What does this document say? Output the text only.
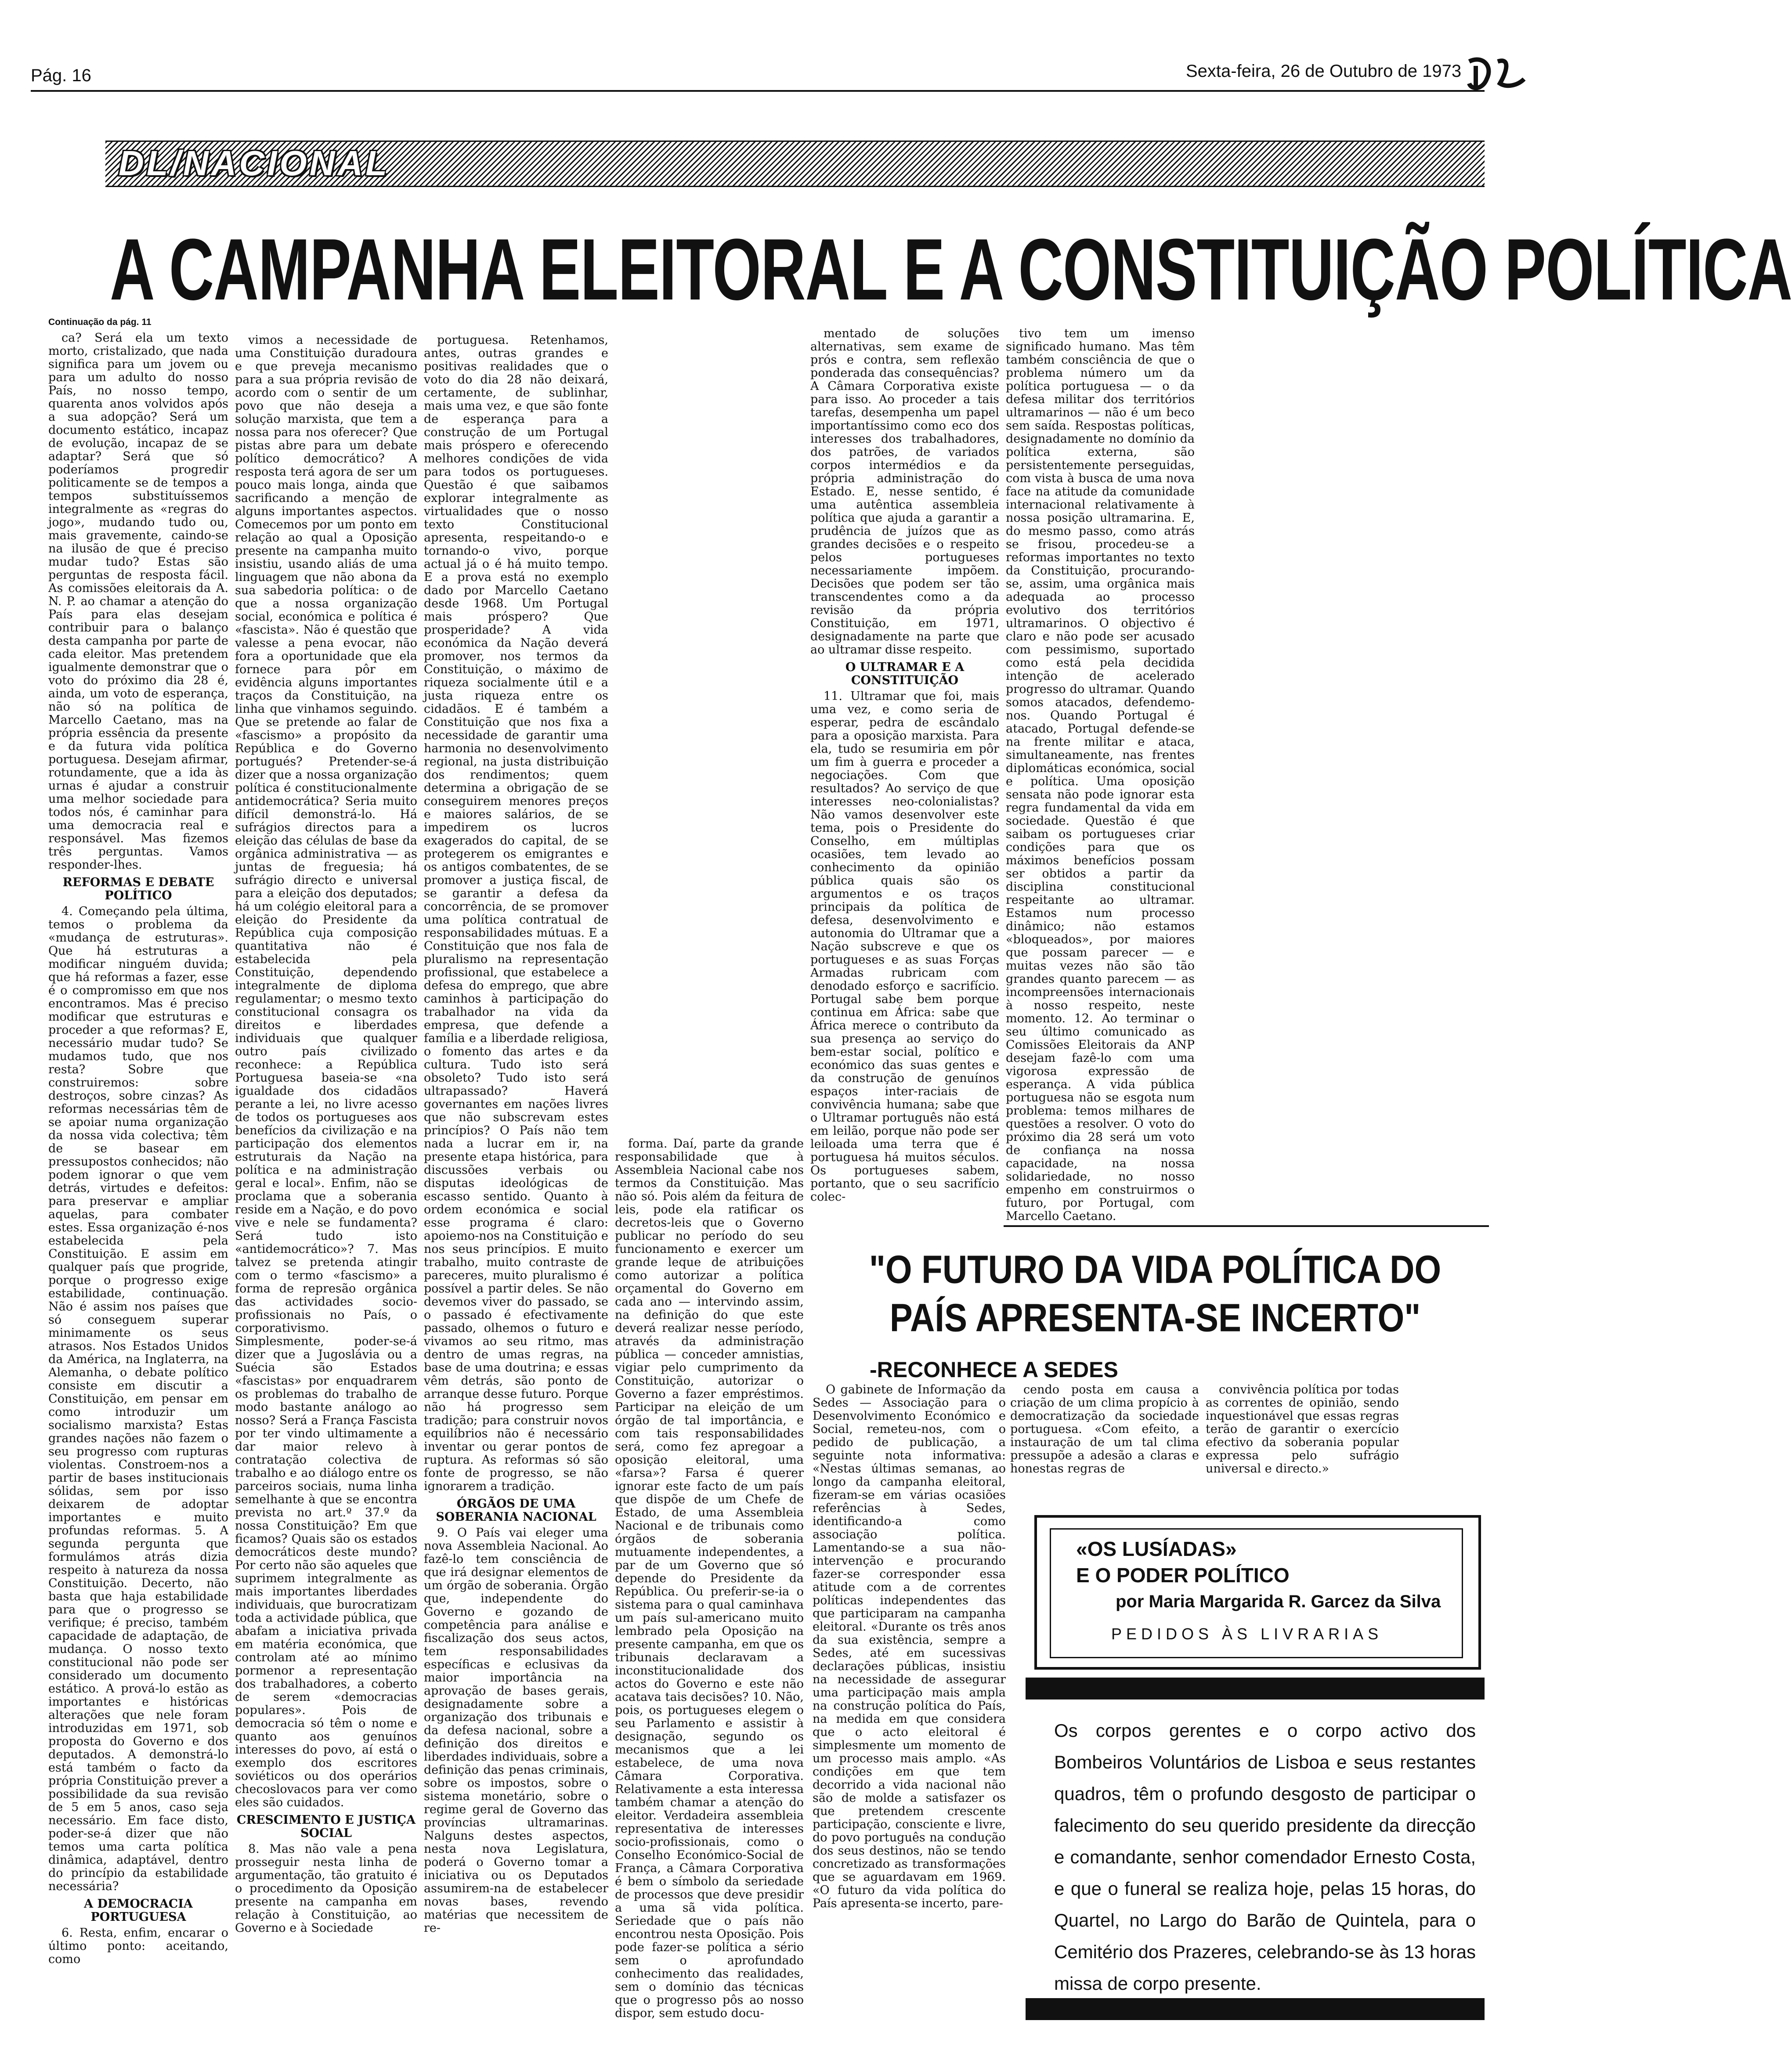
Pág. 16	Sexta-feira, 26 de Outubro de 1973
DL/NACIONAL
A CAMPANHA ELEITORAL E A CONSTITUIÇÃO POLÍTICA
Continuação da pág. 11

ca? Será ela um texto morto, cristalizado, que nada significa para um jovem ou para um adulto do nosso País, no nosso tempo, quarenta anos volvidos após a sua adopção? Será um documento estático, incapaz de evolução, incapaz de se adaptar? Será que só poderíamos progredir politicamente se de tempos a tempos substituíssemos integralmente as «regras do jogo», mudando tudo ou, mais gravemente, caindo-se na ilusão de que é preciso mudar tudo? Estas são perguntas de resposta fácil. As comissões eleitorais da A. N. P. ao chamar a atenção do País para elas desejam contribuir para o balanço desta campanha por parte de cada eleitor. Mas pretendem igualmente demonstrar que o voto do próximo dia 28 é, ainda, um voto de esperança, não só na política de Marcello Caetano, mas na própria essência da presente e da futura vida política portuguesa. Desejam afirmar, rotundamente, que a ida às urnas é ajudar a construir uma melhor sociedade para todos nós, é caminhar para uma democracia real e responsável. Mas fizemos três perguntas. Vamos responder-lhes.

REFORMAS E DEBATE POLÍTICO

4. Começando pela última, temos o problema da «mudança de estruturas». Que há estruturas a modificar ninguém duvida; que há reformas a fazer, esse é o compromisso em que nos encontramos. Mas é preciso modificar que estruturas e proceder a que reformas? E, necessário mudar tudo? Se mudamos tudo, que nos resta? Sobre que construiremos: sobre destroços, sobre cinzas? As reformas necessárias têm de se apoiar numa organização da nossa vida colectiva; têm de se basear em pressupostos conhecidos; não podem ignorar o que vem detrás, virtudes e defeitos: para preservar e ampliar aquelas, para combater estes. Essa organização é-nos estabelecida pela Constituição. E assim em qualquer país que progride, porque o progresso exige estabilidade, continuação. Não é assim nos países que só conseguem superar minimamente os seus atrasos. Nos Estados Unidos da América, na Inglaterra, na Alemanha, o debate político consiste em discutir a Constituição, em pensar em como introduzir um socialismo marxista? Estas grandes nações não fazem o seu progresso com rupturas violentas. Constroem-nos a partir de bases institucionais sólidas, sem por isso deixarem de adoptar importantes e muito profundas reformas. 5. A segunda pergunta que formulámos atrás dizia respeito à natureza da nossa Constituição. Decerto, não basta que haja estabilidade para que o progresso se verifique; é preciso, também capacidade de adaptação, de mudança. O nosso texto constitucional não pode ser considerado um documento estático. A prová-lo estão as importantes e históricas alterações que nele foram introduzidas em 1971, sob proposta do Governo e dos deputados. A demonstrá-lo está também o facto da própria Constituição prever a possibilidade da sua revisão de 5 em 5 anos, caso seja necessário. Em face disto, poder-se-á dizer que não temos uma carta política dinâmica, adaptável, dentro do princípio da estabilidade necessária?

A DEMOCRACIA PORTUGUESA

6. Resta, enfim, encarar o último ponto: aceitando, como

vimos a necessidade de uma Constituição duradoura e que preveja mecanismo para a sua própria revisão de acordo com o sentir de um povo que não deseja a solução marxista, que tem a nossa para nos oferecer? Que pistas abre para um debate político democrático? A resposta terá agora de ser um pouco mais longa, ainda que sacrificando a menção de alguns importantes aspectos. Comecemos por um ponto em relação ao qual a Oposição presente na campanha muito insistiu, usando aliás de uma linguagem que não abona da sua sabedoria política: o de que a nossa organização social, económica e política é «fascista». Não é questão que valesse a pena evocar, não fora a oportunidade que ela fornece para pôr em evidência alguns importantes traços da Constituição, na linha que vinhamos seguindo. Que se pretende ao falar de «fascismo» a propósito da República e do Governo portugués? Pretender-se-á dizer que a nossa organização política é constitucionalmente antidemocrática? Seria muito difícil demonstrá-lo. Há sufrágios directos para a eleição das células de base da orgânica administrativa — as juntas de freguesia; há sufrágio directo e universal para a eleição dos deputados; há um colégio eleitoral para a eleição do Presidente da República cuja composição quantitativa não é estabelecida pela Constituição, dependendo integralmente de diploma regulamentar; o mesmo texto constitucional consagra os direitos e liberdades individuais que qualquer outro país civilizado reconhece: a República Portuguesa baseia-se «na igualdade dos cidadãos perante a lei, no livre acesso de todos os portugueses aos benefícios da civilização e na participação dos elementos estruturais da Nação na política e na administração geral e local». Enfim, não se proclama que a soberania reside em a Nação, e do povo vive e nele se fundamenta? Será tudo isto «antidemocrático»? 7. Mas talvez se pretenda atingir com o termo «fascismo» a forma de represão orgânica das actividades socio-profissionais no País, o corporativismo. Simplesmente, poder-se-á dizer que a Jugoslávia ou a Suécia são Estados «fascistas» por enquadrarem os problemas do trabalho de modo bastante análogo ao nosso? Será a França Fascista por ter vindo ultimamente a dar maior relevo à contratação colectiva de trabalho e ao diálogo entre os parceiros sociais, numa linha semelhante à que se encontra prevista no art.º 37.º da nossa Constituição? Em que ficamos? Quais são os estados democráticos deste mundo? Por certo não são aqueles que suprimem integralmente as mais importantes liberdades individuais, que burocratizam toda a actividade pública, que abafam a iniciativa privada em matéria económica, que controlam até ao mínimo pormenor a representação dos trabalhadores, a coberto de serem «democracias populares». Pois de democracia só têm o nome e quanto aos genuínos interesses do povo, aí está o exemplo dos escritores soviéticos ou dos operários checoslovacos para ver como eles são cuidados.

CRESCIMENTO E JUSTIÇA SOCIAL

8. Mas não vale a pena prosseguir nesta linha de argumentação, tão gratuito é o procedimento da Oposição presente na campanha em relação à Constituição, ao Governo e à Sociedade

portuguesa. Retenhamos, antes, outras grandes e positivas realidades que o voto do dia 28 não deixará, certamente, de sublinhar, mais uma vez, e que são fonte de esperança para a construção de um Portugal mais próspero e oferecendo melhores condições de vida para todos os portugueses. Questão é que saibamos explorar integralmente as virtualidades que o nosso texto Constitucional apresenta, respeitando-o e tornando-o vivo, porque actual já o é há muito tempo. E a prova está no exemplo dado por Marcello Caetano desde 1968. Um Portugal mais próspero? Que prosperidade? A vida económica da Nação deverá promover, nos termos da Constituição, o máximo de riqueza socialmente útil e a justa riqueza entre os cidadãos. E é também a Constituição que nos fixa a necessidade de garantir uma harmonia no desenvolvimento regional, na justa distribuição dos rendimentos; quem determina a obrigação de se conseguirem menores preços e maiores salários, de se impedirem os lucros exagerados do capital, de se protegerem os emigrantes e os antigos combatentes, de se promover a justiça fiscal, de se garantir a defesa da concorrência, de se promover uma política contratual de responsabilidades mútuas. E a Constituição que nos fala de pluralismo na representação profissional, que estabelece a defesa do emprego, que abre caminhos à participação do trabalhador na vida da empresa, que defende a família e a liberdade religiosa, o fomento das artes e da cultura. Tudo isto será obsoleto? Tudo isto será ultrapassado? Haverá governantes em nações livres que não subscrevam estes princípios? O País não tem nada a lucrar em ir, na presente etapa histórica, para discussões verbais ou disputas ideológicas de escasso sentido. Quanto à ordem económica e social esse programa é claro: apoiemo-nos na Constituição e nos seus princípios. E muito trabalho, muito contraste de pareceres, muito pluralismo é possível a partir deles. Se não devemos viver do passado, se o passado é efectivamente passado, olhemos o futuro e vivamos ao seu ritmo, mas dentro de umas regras, na base de uma doutrina; e essas vêm detrás, são ponto de arranque desse futuro. Porque não há progresso sem tradição; para construir novos equilíbrios não é necessário inventar ou gerar pontos de ruptura. As reformas só são fonte de progresso, se não ignorarem a tradição.

ÓRGÃOS DE UMA SOBERANIA NACIONAL

9. O País vai eleger uma nova Assembleia Nacional. Ao fazê-lo tem consciência de que irá designar elementos de um órgão de soberania. Órgão que, independente do Governo e gozando de competência para análise e fiscalização dos seus actos, tem responsabilidades específicas e eclusivas da maior importância na aprovação de bases gerais, designadamente sobre a organização dos tribunais e da defesa nacional, sobre a definição dos direitos e liberdades individuais, sobre a definição das penas criminais, sobre os impostos, sobre o sistema monetário, sobre o regime geral de Governo das províncias ultramarinas. Nalguns destes aspectos, nesta nova Legislatura, poderá o Governo tomar a iniciativa ou os Deputados assumirem-na de estabelecer novas bases, revendo matérias que necessitem de re-

forma. Daí, parte da grande responsabilidade que à Assembleia Nacional cabe nos termos da Constituição. Mas não só. Pois além da feitura de leis, pode ela ratificar os decretos-leis que o Governo publicar no período do seu funcionamento e exercer um grande leque de atribuições como autorizar a política orçamental do Governo em cada ano — intervindo assim, na definição do que este deverá realizar nesse período, através da administração pública — conceder amnistias, vigiar pelo cumprimento da Constituição, autorizar o Governo a fazer empréstimos. Participar na eleição de um órgão de tal importância, e com tais responsabilidades será, como fez apregoar a oposição eleitoral, uma «farsa»? Farsa é querer ignorar este facto de um país que dispõe de um Chefe de Estado, de uma Assembleia Nacional e de tribunais como órgãos de soberania mutuamente independentes, a par de um Governo que só depende do Presidente da República. Ou preferir-se-ia o sistema para o qual caminhava um país sul-americano muito lembrado pela Oposição na presente campanha, em que os tribunais declaravam a inconstitucionalidade dos actos do Governo e este não acatava tais decisões? 10. Não, pois, os portugueses elegem o seu Parlamento e assistir à designação, segundo os mecanismos que a lei estabelece, de uma nova Câmara Corporativa. Relativamente a esta interessa também chamar a atenção do eleitor. Verdadeira assembleia representativa de interesses socio-profissionais, como o Conselho Económico-Social de França, a Câmara Corporativa é bem o símbolo da seriedade de processos que deve presidir a uma sã vida política. Seriedade que o país não encontrou nesta Oposição. Pois pode fazer-se política a sério sem o aprofundado conhecimento das realidades, sem o domínio das técnicas que o progresso pôs ao nosso dispor, sem estudo docu-

mentado de soluções alternativas, sem exame de prós e contra, sem reflexão ponderada das consequências? A Câmara Corporativa existe para isso. Ao proceder a tais tarefas, desempenha um papel importantíssimo como eco dos interesses dos trabalhadores, dos patrões, de variados corpos intermédios e da própria administração do Estado. E, nesse sentido, é uma autêntica assembleia política que ajuda a garantir a prudência de juízos que as grandes decisões e o respeito pelos portugueses necessariamente impõem. Decisões que podem ser tão transcendentes como a da revisão da própria Constituição, em 1971, designadamente na parte que ao ultramar disse respeito.

O ULTRAMAR E A CONSTITUIÇÃO

11. Ultramar que foi, mais uma vez, e como seria de esperar, pedra de escândalo para a oposição marxista. Para ela, tudo se resumiria em pôr um fim à guerra e proceder a negociações. Com que resultados? Ao serviço de que interesses neo-colonialistas? Não vamos desenvolver este tema, pois o Presidente do Conselho, em múltiplas ocasiões, tem levado ao conhecimento da opinião pública quais são os argumentos e os traços principais da política de defesa, desenvolvimento e autonomia do Ultramar que a Nação subscreve e que os portugueses e as suas Forças Armadas rubricam com denodado esforço e sacrifício. Portugal sabe bem porque continua em África: sabe que África merece o contributo da sua presença ao serviço do bem-estar social, político e económico das suas gentes e da construção de genuínos espaços inter-raciais de convivência humana; sabe que o Ultramar português não está em leilão, porque não pode ser leiloada uma terra que é portuguesa há muitos séculos. Os portugueses sabem, portanto, que o seu sacrifício colec-

tivo tem um imenso significado humano. Mas têm também consciência de que o problema número um da política portuguesa — o da defesa militar dos territórios ultramarinos — não é um beco sem saída. Respostas políticas, designadamente no domínio da política externa, são persistentemente perseguidas, com vista à busca de uma nova face na atitude da comunidade internacional relativamente à nossa posição ultramarina. E, do mesmo passo, como atrás se frisou, procedeu-se a reformas importantes no texto da Constituição, procurando-se, assim, uma orgânica mais adequada ao processo evolutivo dos territórios ultramarinos. O objectivo é claro e não pode ser acusado com pessimismo, suportado como está pela decidida intenção de acelerado progresso do ultramar. Quando somos atacados, defendemo-nos. Quando Portugal é atacado, Portugal defende-se na frente militar e ataca, simultaneamente, nas frentes diplomáticas económica, social e política. Uma oposição sensata não pode ignorar esta regra fundamental da vida em sociedade. Questão é que saibam os portugueses criar condições para que os máximos benefícios possam ser obtidos a partir da disciplina constitucional respeitante ao ultramar. Estamos num processo dinâmico; não estamos «bloqueados», por maiores que possam parecer — e muitas vezes não são tão grandes quanto parecem — as incompreensões internacionais à nosso respeito, neste momento. 12. Ao terminar o seu último comunicado as Comissões Eleitorais da ANP desejam fazê-lo com uma vigorosa expressão de esperança. A vida pública portuguesa não se esgota num problema: temos milhares de questões a resolver. O voto do próximo dia 28 será um voto de confiança na nossa capacidade, na nossa solidariedade, no nosso empenho em construirmos o futuro, por Portugal, com Marcello Caetano.

"O FUTURO DA VIDA POLÍTICA DO PAÍS APRESENTA-SE INCERTO"
-RECONHECE A SEDES

O gabinete de Informação da Sedes — Associação para o Desenvolvimento Económico e Social, remeteu-nos, com o pedido de publicação, a seguinte nota informativa: «Nestas últimas semanas, ao longo da campanha eleitoral, fizeram-se em várias ocasiões referências à Sedes, identificando-a como associação política. Lamentando-se a sua não-intervenção e procurando fazer-se corresponder essa atitude com a de correntes políticas independentes das que participaram na campanha eleitoral. «Durante os três anos da sua existência, sempre a Sedes, até em sucessivas declarações públicas, insistiu na necessidade de assegurar uma participação mais ampla na construção política do País, na medida em que considera que o acto eleitoral é simplesmente um momento de um processo mais amplo. «As condições em que tem decorrido a vida nacional não são de molde a satisfazer os que pretendem crescente participação, consciente e livre, do povo português na condução dos seus destinos, não se tendo concretizado as transformações que se aguardavam em 1969. «O futuro da vida política do País apresenta-se incerto, pare-

cendo posta em causa a criação de um clima propício à democratização da sociedade portuguesa. «Com efeito, a instauração de um tal clima pressupõe a adesão a claras e honestas regras de

convivência política por todas as correntes de opinião, sendo inquestionável que essas regras terão de garantir o exercício efectivo da soberania popular expressa pelo sufrágio universal e directo.»

«OS LUSÍADAS»
E O PODER POLÍTICO
por Maria Margarida R. Garcez da Silva
PEDIDOS ÀS LIVRARIAS
Os corpos gerentes e o corpo activo dos Bombeiros Voluntários de Lisboa e seus restantes quadros, têm o profundo desgosto de participar o falecimento do seu querido presidente da direcção e comandante, senhor comendador Ernesto Costa, e que o funeral se realiza hoje, pelas 15 horas, do Quartel, no Largo do Barão de Quintela, para o Cemitério dos Prazeres, celebrando-se às 13 horas missa de corpo presente.
